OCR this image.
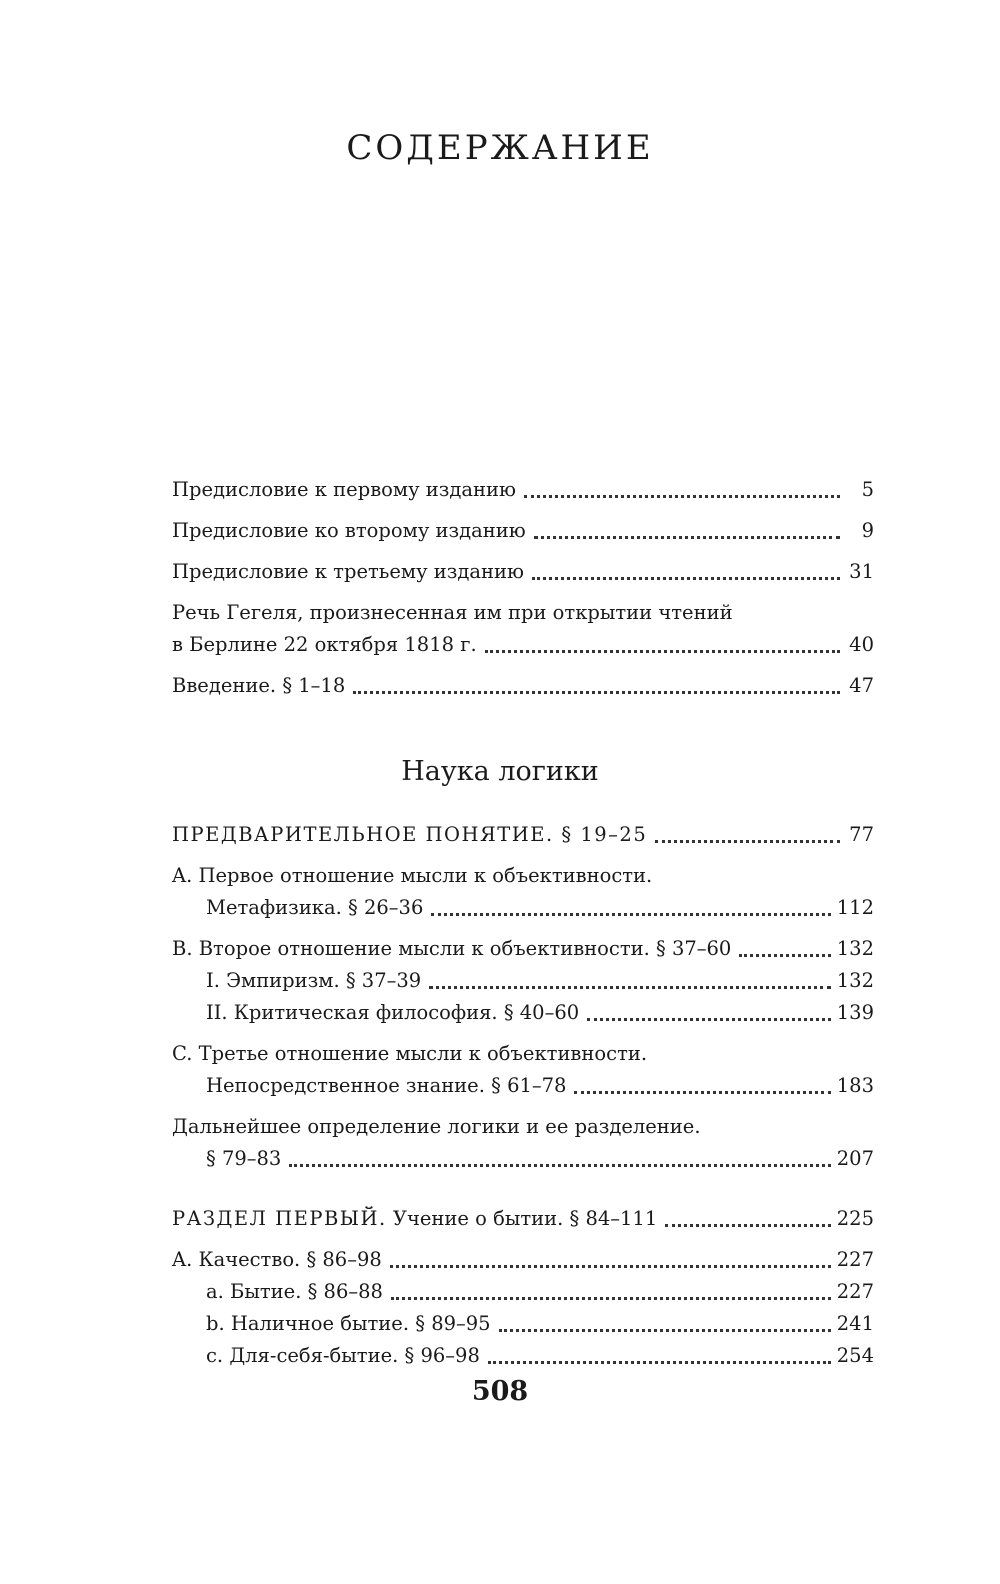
СОДЕРЖАНИЕ
Предисловие к первому изданию	5
Предисловие ко второму изданию	9
Предисловие к третьему изданию	31
Речь Гегеля, произнесенная им при открытии чтений
в Берлине 22 октября 1818 г.	40
Введение. § 1–18	47
Наука логики
ПРЕДВАРИТЕЛЬНОЕ ПОНЯТИЕ. § 19–25	77
A. Первое отношение мысли к объективности.
Метафизика. § 26–36	112
B. Второе отношение мысли к объективности. § 37–60	132
I. Эмпиризм. § 37–39	132
II. Критическая философия. § 40–60	139
C. Третье отношение мысли к объективности.
Непосредственное знание. § 61–78	183
Дальнейшее определение логики и ее разделение.
§ 79–83	207
РАЗДЕЛ ПЕРВЫЙ. Учение о бытии. § 84–111	225
A. Качество. § 86–98	227
a. Бытие. § 86–88	227
b. Наличное бытие. § 89–95	241
c. Для-себя-бытие. § 96–98	254
508
